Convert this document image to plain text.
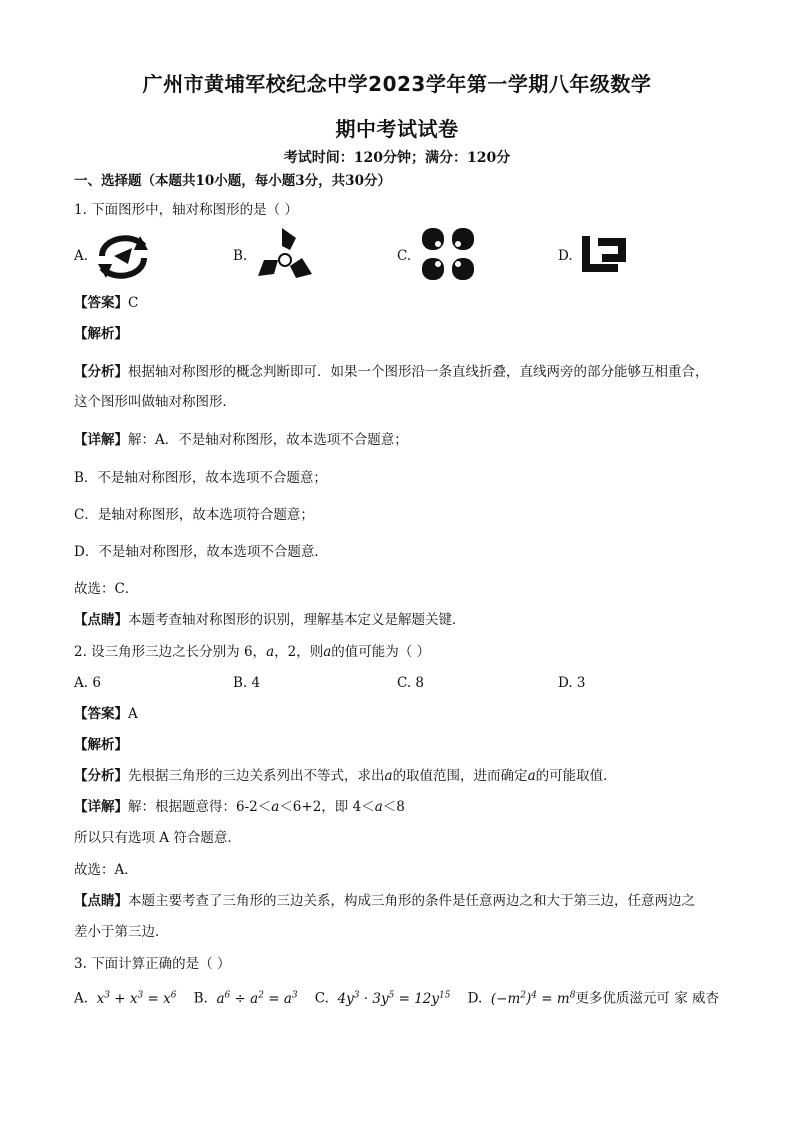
广州市黄埔军校纪念中学2023学年第一学期八年级数学
期中考试试卷
考试时间：120分钟；满分：120分
一、选择题（本题共10小题，每小题3分，共30分）
1. 下面图形中，轴对称图形的是（ ）
A.	B.	C.	D.
【答案】C
【解析】
【分析】根据轴对称图形的概念判断即可．如果一个图形沿一条直线折叠，直线两旁的部分能够互相重合，
这个图形叫做轴对称图形．
【详解】解：A．不是轴对称图形，故本选项不合题意；
B．不是轴对称图形，故本选项不合题意；
C．是轴对称图形，故本选项符合题意；
D．不是轴对称图形，故本选项不合题意．
故选：C．
【点睛】本题考查轴对称图形的识别，理解基本定义是解题关键．
2. 设三角形三边之长分别为 6，a，2，则a的值可能为（ ）
A. 6	B. 4	C. 8	D. 3
【答案】A
【解析】
【分析】先根据三角形的三边关系列出不等式，求出a的取值范围，进而确定a的可能取值．
【详解】解：根据题意得：6-2＜a＜6+2，即 4＜a＜8
所以只有选项 A 符合题意．
故选：A．
【点睛】本题主要考查了三角形的三边关系，构成三角形的条件是任意两边之和大于第三边，任意两边之
差小于第三边．
3. 下面计算正确的是（ ）
A.  $x^3 + x^3 = x^6$ B.  $a^6 \div a^2 = a^3$ C.  $4y^3 \cdot 3y^5 = 12y^{15}$ D.  $(-m^2)^4 = m^8$更多优质滋元可 家 威杏
